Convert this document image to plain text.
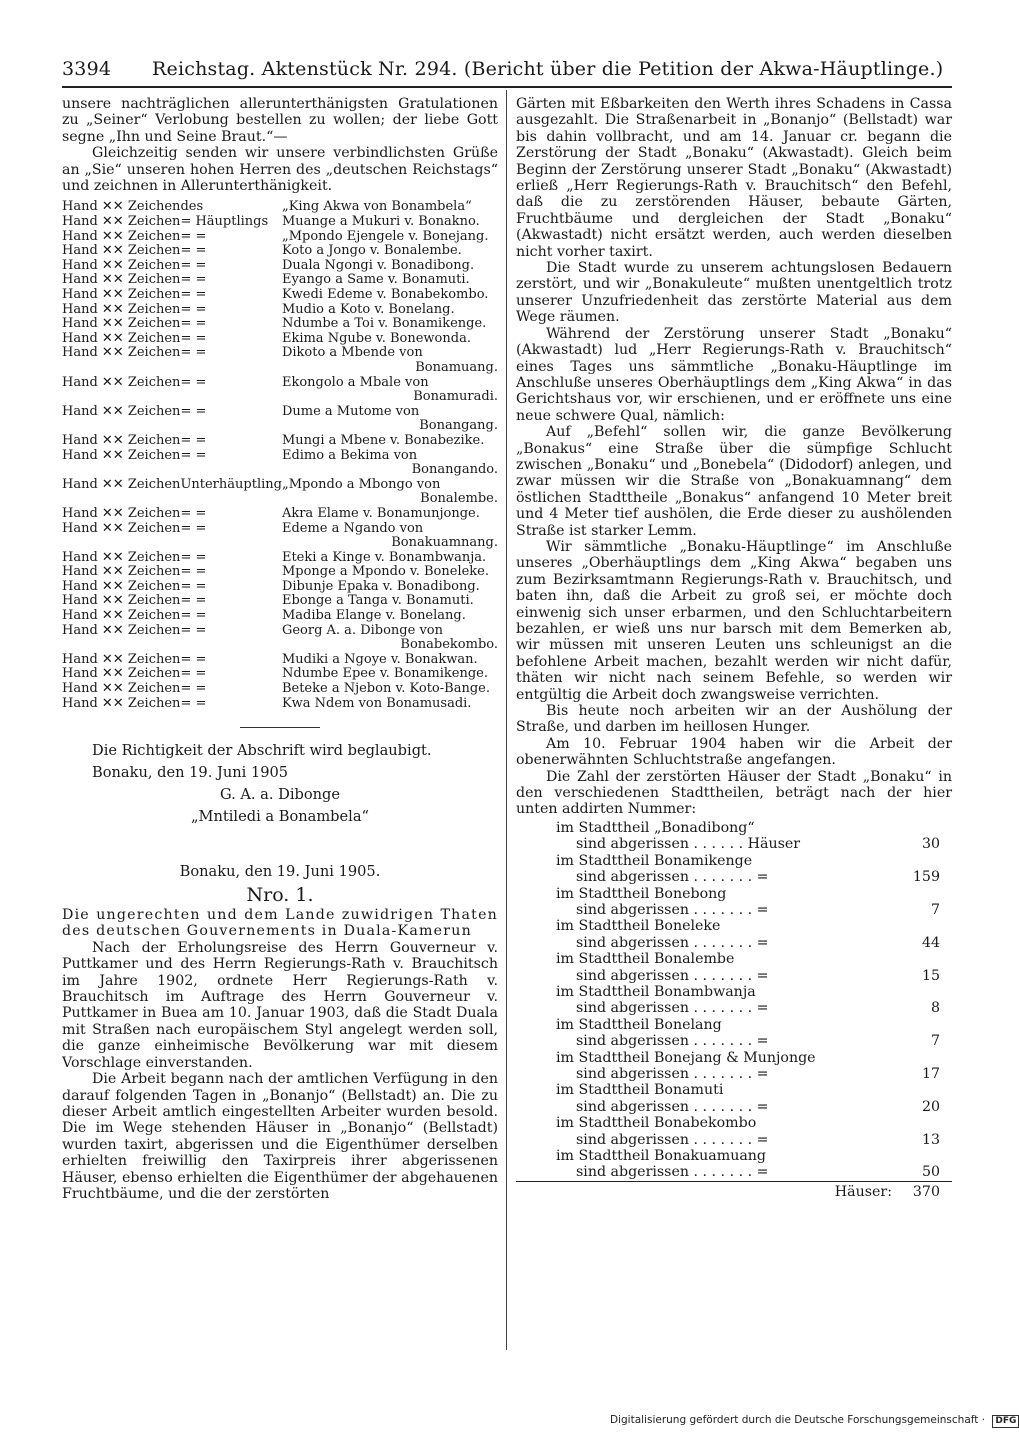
3394 Reichstag. Aktenstück Nr. 294. (Bericht über die Petition der Akwa-Häuptlinge.)

unsere nachträglichen allerunterthänigsten Gratulationen zu „Seiner“ Verlobung bestellen zu wollen; der liebe Gott segne „Ihn und Seine Braut.“—

Gleichzeitig senden wir unsere verbindlichsten Grüße an „Sie“ unseren hohen Herren des „deutschen Reichstags“ und zeichnen in Allerunterthänigkeit.

Hand ✕✕ Zeichen	des	„King Akwa von Bonambela“
Hand ✕✕ Zeichen	= Häuptlings	Muange a Mukuri v. Bonakno.
Hand ✕✕ Zeichen	= =	„Mpondo Ejengele v. Bonejang.
Hand ✕✕ Zeichen	= =	Koto a Jongo v. Bonalembe.
Hand ✕✕ Zeichen	= =	Duala Ngongi v. Bonadibong.
Hand ✕✕ Zeichen	= =	Eyango a Same v. Bonamuti.
Hand ✕✕ Zeichen	= =	Kwedi Edeme v. Bonabekombo.
Hand ✕✕ Zeichen	= =	Mudio a Koto v. Bonelang.
Hand ✕✕ Zeichen	= =	Ndumbe a Toi v. Bonamikenge.
Hand ✕✕ Zeichen	= =	Ekima Ngube v. Bonewonda.
Hand ✕✕ Zeichen	= =	Dikoto a Mbende von
Bonamuang.		
Hand ✕✕ Zeichen	= =	Ekongolo a Mbale von
Bonamuradi.		
Hand ✕✕ Zeichen	= =	Dume a Mutome von
Bonangang.		
Hand ✕✕ Zeichen	= =	Mungi a Mbene v. Bonabezike.
Hand ✕✕ Zeichen	= =	Edimo a Bekima von
Bonangando.		
Hand ✕✕ Zeichen	Unterhäuptling	„Mpondo a Mbongo von
Bonalembe.		
Hand ✕✕ Zeichen	= =	Akra Elame v. Bonamunjonge.
Hand ✕✕ Zeichen	= =	Edeme a Ngando von
Bonakuamnang.		
Hand ✕✕ Zeichen	= =	Eteki a Kinge v. Bonambwanja.
Hand ✕✕ Zeichen	= =	Mponge a Mpondo v. Boneleke.
Hand ✕✕ Zeichen	= =	Dibunje Epaka v. Bonadibong.
Hand ✕✕ Zeichen	= =	Ebonge a Tanga v. Bonamuti.
Hand ✕✕ Zeichen	= =	Madiba Elange v. Bonelang.
Hand ✕✕ Zeichen	= =	Georg A. a. Dibonge von
Bonabekombo.		
Hand ✕✕ Zeichen	= =	Mudiki a Ngoye v. Bonakwan.
Hand ✕✕ Zeichen	= =	Ndumbe Epee v. Bonamikenge.
Hand ✕✕ Zeichen	= =	Beteke a Njebon v. Koto-Bange.
Hand ✕✕ Zeichen	= =	Kwa Ndem von Bonamusadi.

Die Richtigkeit der Abschrift wird beglaubigt.

Bonaku, den 19. Juni 1905

G. A. a. Dibonge

„Mntiledi a Bonambela“

Bonaku, den 19. Juni 1905.

Nro. 1.

Die ungerechten und dem Lande zuwidrigen Thaten des deutschen Gouvernements in Duala-Kamerun

Nach der Erholungsreise des Herrn Gouverneur v. Puttkamer und des Herrn Regierungs-Rath v. Brauchitsch im Jahre 1902, ordnete Herr Regierungs-Rath v. Brauchitsch im Auftrage des Herrn Gouverneur v. Puttkamer in Buea am 10. Januar 1903, daß die Stadt Duala mit Straßen nach europäischem Styl angelegt werden soll, die ganze einheimische Bevölkerung war mit diesem Vorschlage einverstanden.

Die Arbeit begann nach der amtlichen Verfügung in den darauf folgenden Tagen in „Bonanjo“ (Bellstadt) an. Die zu dieser Arbeit amtlich eingestellten Arbeiter wurden besold. Die im Wege stehenden Häuser in „Bonanjo“ (Bellstadt) wurden taxirt, abgerissen und die Eigenthümer derselben erhielten freiwillig den Taxirpreis ihrer abgerissenen Häuser, ebenso erhielten die Eigenthümer der abgehauenen Fruchtbäume, und die der zerstörten

Gärten mit Eßbarkeiten den Werth ihres Schadens in Cassa ausgezahlt. Die Straßenarbeit in „Bonanjo“ (Bellstadt) war bis dahin vollbracht, und am 14. Januar cr. begann die Zerstörung der Stadt „Bonaku“ (Akwastadt). Gleich beim Beginn der Zerstörung unserer Stadt „Bonaku“ (Akwastadt) erließ „Herr Regierungs-Rath v. Brauchitsch“ den Befehl, daß die zu zerstörenden Häuser, bebaute Gärten, Fruchtbäume und dergleichen der Stadt „Bonaku“ (Akwastadt) nicht ersätzt werden, auch werden dieselben nicht vorher taxirt.

Die Stadt wurde zu unserem achtungslosen Bedauern zerstört, und wir „Bonakuleute“ mußten unentgeltlich trotz unserer Unzufriedenheit das zerstörte Material aus dem Wege räumen.

Während der Zerstörung unserer Stadt „Bonaku“ (Akwastadt) lud „Herr Regierungs-Rath v. Brauchitsch“ eines Tages uns sämmtliche „Bonaku-Häuptlinge im Anschluße unseres Oberhäuptlings dem „King Akwa“ in das Gerichtshaus vor, wir erschienen, und er eröffnete uns eine neue schwere Qual, nämlich:

Auf „Befehl“ sollen wir, die ganze Bevölkerung „Bonakus“ eine Straße über die sümpfige Schlucht zwischen „Bonaku“ und „Bonebela“ (Didodorf) anlegen, und zwar müssen wir die Straße von „Bonakuamnang“ dem östlichen Stadttheile „Bonakus“ anfangend 10 Meter breit und 4 Meter tief aushölen, die Erde dieser zu aushölenden Straße ist starker Lemm.

Wir sämmtliche „Bonaku-Häuptlinge“ im Anschluße unseres „Oberhäuptlings dem „King Akwa“ begaben uns zum Bezirksamtmann Regierungs-Rath v. Brauchitsch, und baten ihn, daß die Arbeit zu groß sei, er möchte doch einwenig sich unser erbarmen, und den Schluchtarbeitern bezahlen, er wieß uns nur barsch mit dem Bemerken ab, wir müssen mit unseren Leuten uns schleunigst an die befohlene Arbeit machen, bezahlt werden wir nicht dafür, thäten wir nicht nach seinem Befehle, so werden wir entgültig die Arbeit doch zwangsweise verrichten.

Bis heute noch arbeiten wir an der Aushölung der Straße, und darben im heillosen Hunger.

Am 10. Februar 1904 haben wir die Arbeit der obenerwähnten Schluchtstraße angefangen.

Die Zahl der zerstörten Häuser der Stadt „Bonaku“ in den verschiedenen Stadttheilen, beträgt nach der hier unten addirten Nummer:

im Stadttheil „Bonadibong“	
sind abgerissen . . . . . . Häuser	30
im Stadttheil Bonamikenge	
sind abgerissen . . . . . . . =	159
im Stadttheil Bonebong	
sind abgerissen . . . . . . . =	7
im Stadttheil Boneleke	
sind abgerissen . . . . . . . =	44
im Stadttheil Bonalembe	
sind abgerissen . . . . . . . =	15
im Stadttheil Bonambwanja	
sind abgerissen . . . . . . . =	8
im Stadttheil Bonelang	
sind abgerissen . . . . . . . =	7
im Stadttheil Bonejang & Munjonge	
sind abgerissen . . . . . . . =	17
im Stadttheil Bonamuti	
sind abgerissen . . . . . . . =	20
im Stadttheil Bonabekombo	
sind abgerissen . . . . . . . =	13
im Stadttheil Bonakuamuang	
sind abgerissen . . . . . . . =	50
Häuser:	370
Digitalisierung gefördert durch die Deutsche Forschungsgemeinschaft · DFG
